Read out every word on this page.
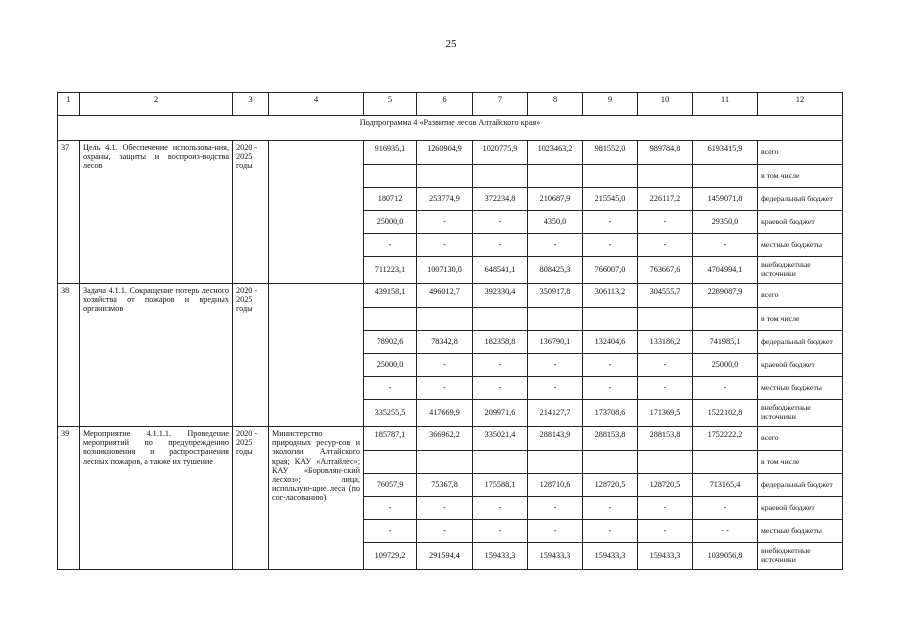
25
1	2	3	4	5	6	7	8	9	10	11	12
Подпрограмма 4 «Развитие лесов Алтайского края»											
37	Цель 4.1. Обеспечение использова-ния, охраны, защиты и воспроиз-водства лесов	2020 - 2025 годы		916935,1	1260904,9	1020775,9	1023463,2	981552,0	989784,8	6193415,9	всего
											в том числе
				180712	253774,9	372234,8	210687,9	215545,0	226117,2	1459071,8	федеральный бюджет
				25000,0	-	-	4350,0	-	-	29350,0	краевой бюджет
				-	-	-	-	-	-	-	местные бюджеты
				711223,1	1007130,0	648541,1	808425,3	766007,0	763667,6	4704994,1	внебюджетные источники
38	Задача 4.1.1. Сокращение потерь лесного хозяйства от пожаров и вредных организмов	2020 - 2025 годы		439158,1	496012,7	392330,4	350917,8	306113,2	304555,7	2289087,9	всего
											в том числе
				78902,6	78342,8	182358,8	136790,1	132404,6	133186,2	741985,1	федеральный бюджет
				25000,0	-	-	-	-	-	25000,0	краевой бюджет
				-	-	-	-	-	-	-	местные бюджеты
				335255,5	417669,9	209971,6	214127,7	173708,6	171369,5	1522102,8	внебюджетные источники
39	Мероприятие 4.1.1.1. Проведение мероприятий по предупреждению возникновения и распространения лесных пожаров, а также их тушение	2020 - 2025 годы	Министерство природных ресур-сов и экологии Алтайского края; КАУ «Алтайлес»; КАУ «Боровлян-ский лесхоз»; лица, использую-щие леса (по сог-ласованию)	185787,1	366962,2	335021,4	288143,9	288153,8	288153,8	1752222,2	всего
											в том числе
				76057,9	75367,8	175588,1	128710,6	128720,5	128720,5	713165,4	федеральный бюджет
				-	-	-	-	-	-	-	краевой бюджет
				-	-	-	-	-	-	- -	местные бюджеты
				109729,2	291594,4	159433,3	159433,3	159433,3	159433,3	1039056,8	внебюджетные источники
